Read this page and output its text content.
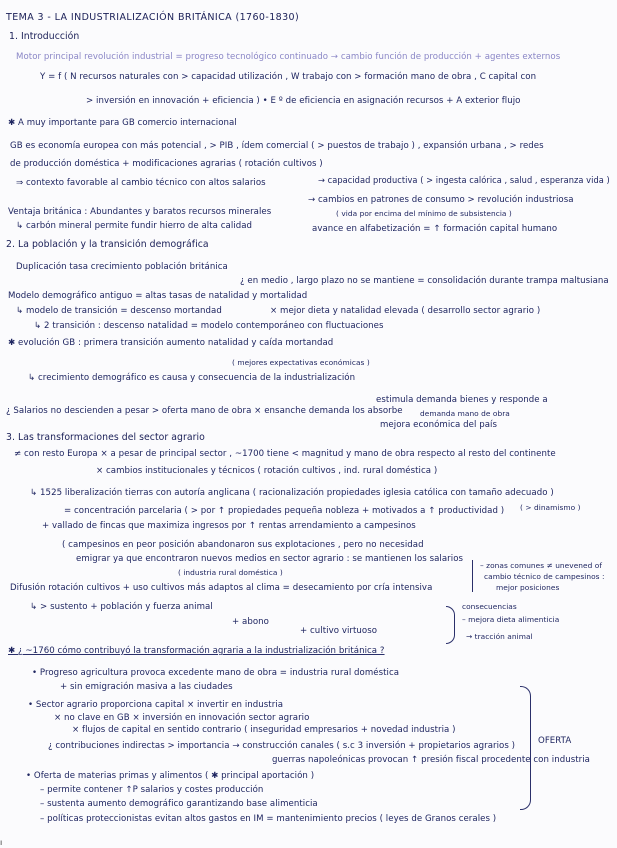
TEMA 3 - LA INDUSTRIALIZACIÓN BRITÁNICA (1760-1830)
1. Introducción
Motor principal revolución industrial = progreso tecnológico continuado → cambio función de producción + agentes externos
Y = f ( N recursos naturales con > capacidad utilización , W trabajo con > formación mano de obra , C capital con
> inversión en innovación + eficiencia ) • E º de eficiencia en asignación recursos + A exterior flujo
✱ A muy importante para GB comercio internacional
GB es economía europea con más potencial , > PIB , ídem comercial ( > puestos de trabajo ) , expansión urbana , > redes
de producción doméstica + modificaciones agrarias ( rotación cultivos )
⇒ contexto favorable al cambio técnico con altos salarios	→ capacidad productiva ( > ingesta calórica , salud , esperanza vida )
→ cambios en patrones de consumo > revolución industriosa
( vida por encima del mínimo de subsistencia )
avance en alfabetización = ↑ formación capital humano
Ventaja británica : Abundantes y baratos recursos minerales
↳ carbón mineral permite fundir hierro de alta calidad
2. La población y la transición demográfica
Duplicación tasa crecimiento población británica
¿ en medio , largo plazo no se mantiene = consolidación durante trampa maltusiana
Modelo demográfico antiguo = altas tasas de natalidad y mortalidad
↳ modelo de transición = descenso mortandad
↳ 2 transición : descenso natalidad = modelo contemporáneo con fluctuaciones
× mejor dieta y natalidad elevada ( desarrollo sector agrario )
✱ evolución GB : primera transición aumento natalidad y caída mortandad
( mejores expectativas económicas )
↳ crecimiento demográfico es causa y consecuencia de la industrialización
estimula demanda bienes y responde a
demanda mano de obra
¿ Salarios no descienden a pesar > oferta mano de obra × ensanche demanda los absorbe
mejora económica del país
3. Las transformaciones del sector agrario
≠ con resto Europa × a pesar de principal sector , ~1700 tiene < magnitud y mano de obra respecto al resto del continente
× cambios institucionales y técnicos ( rotación cultivos , ind. rural doméstica )
↳ 1525 liberalización tierras con autoría anglicana ( racionalización propiedades iglesia católica con tamaño adecuado )
( > dinamismo )
= concentración parcelaria ( > por ↑ propiedades pequeña nobleza + motivados a ↑ productividad )
+ vallado de fincas que maximiza ingresos por ↑ rentas arrendamiento a campesinos
( campesinos en peor posición abandonaron sus explotaciones , pero no necesidad
emigrar ya que encontraron nuevos medios en sector agrario : se mantienen los salarios
( industria rural doméstica )
– zonas comunes ≠ unevened of
cambio técnico de campesinos :
mejor posiciones
Difusión rotación cultivos + uso cultivos más adaptos al clima = desecamiento por cría intensiva
↳ > sustento + población y fuerza animal
+ abono
+ cultivo virtuoso
consecuencias
– mejora dieta alimenticia
→ tracción animal
✱ ¿ ~1760 cómo contribuyó la transformación agraria a la industrialización británica ?
• Progreso agricultura provoca excedente mano de obra = industria rural doméstica
+ sin emigración masiva a las ciudades
• Sector agrario proporciona capital × invertir en industria
× no clave en GB × inversión en innovación sector agrario
× flujos de capital en sentido contrario ( inseguridad empresarios + novedad industria )
¿ contribuciones indirectas > importancia → construcción canales ( s.c 3 inversión + propietarios agrarios )
guerras napoleónicas provocan ↑ presión fiscal procedente con industria
• Oferta de materias primas y alimentos ( ✱ principal aportación )
– permite contener ↑P salarios y costes producción
– sustenta aumento demográfico garantizando base alimenticia
– políticas proteccionistas evitan altos gastos en IM = mantenimiento precios ( leyes de Granos cerales )
OFERTA
ı
